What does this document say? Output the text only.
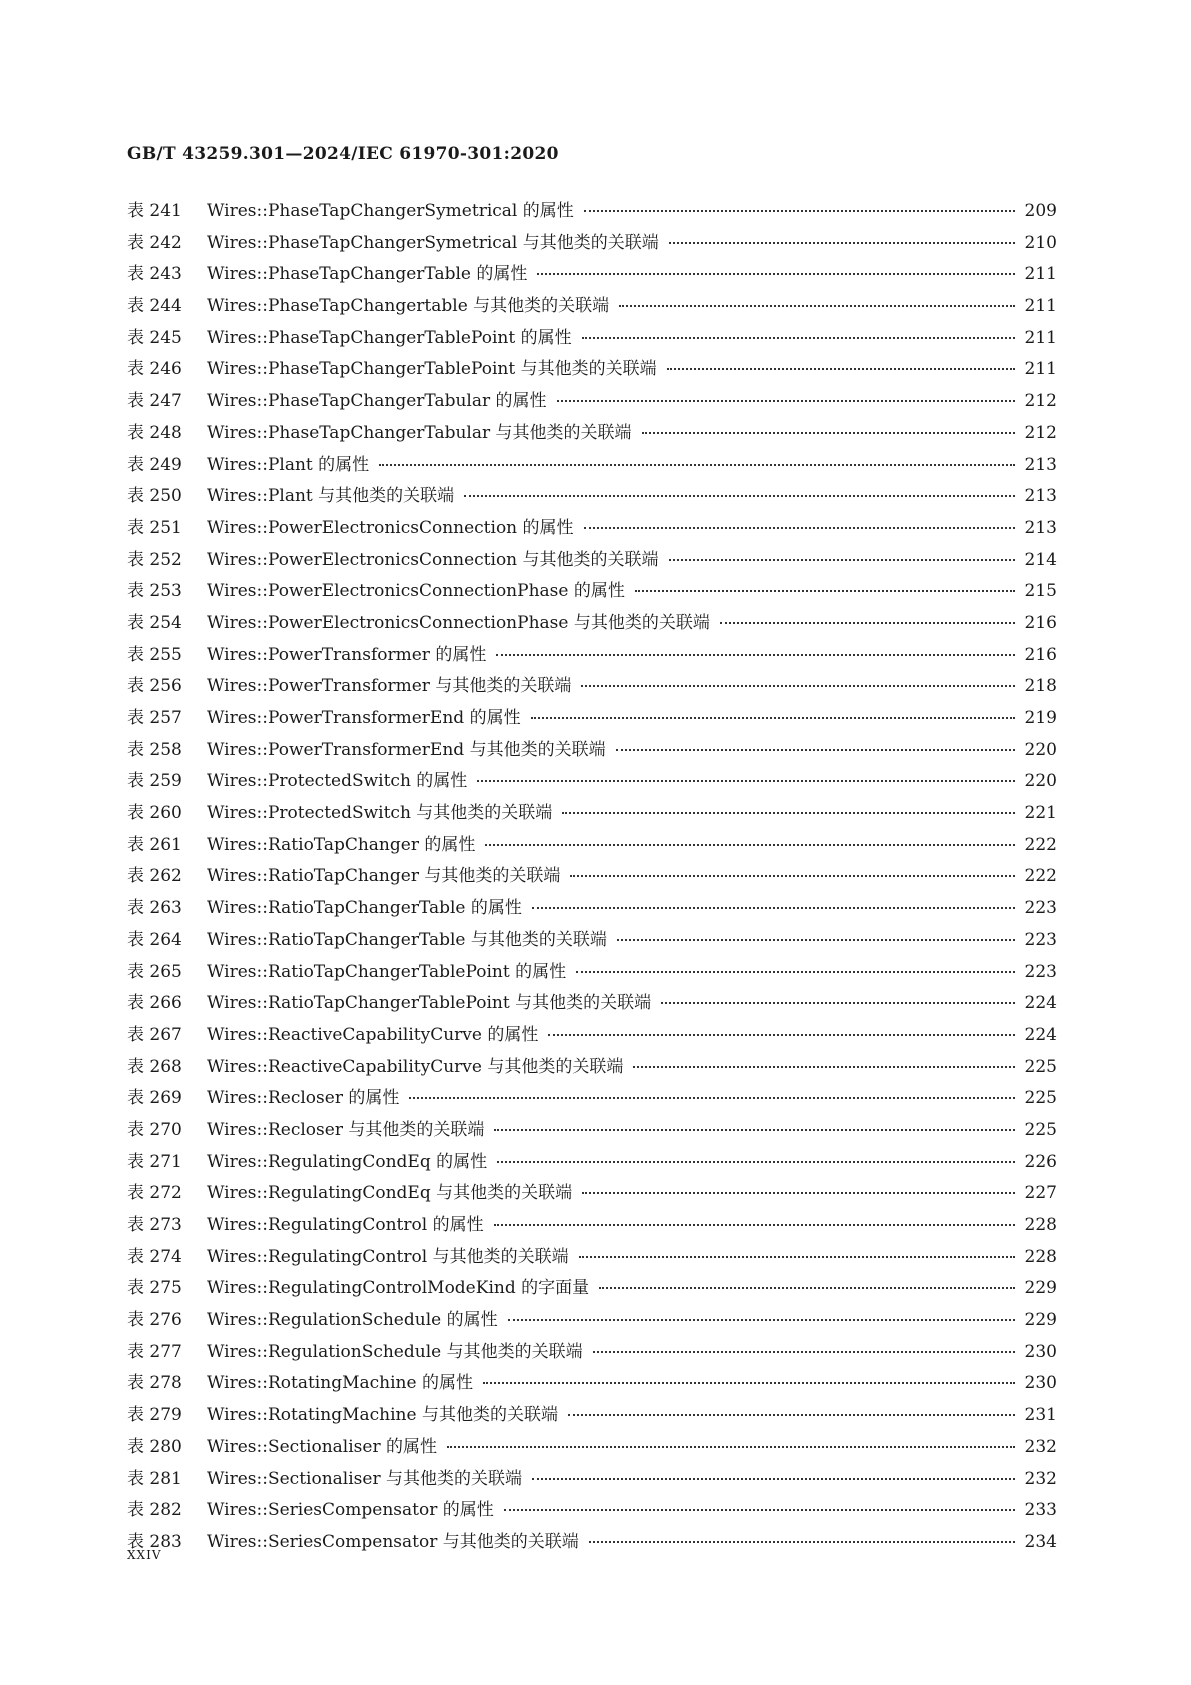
GB/T 43259.301—2024/IEC 61970-301:2020
表 241	Wires::PhaseTapChangerSymetrical 的属性	209
表 242	Wires::PhaseTapChangerSymetrical 与其他类的关联端	210
表 243	Wires::PhaseTapChangerTable 的属性	211
表 244	Wires::PhaseTapChangertable 与其他类的关联端	211
表 245	Wires::PhaseTapChangerTablePoint 的属性	211
表 246	Wires::PhaseTapChangerTablePoint 与其他类的关联端	211
表 247	Wires::PhaseTapChangerTabular 的属性	212
表 248	Wires::PhaseTapChangerTabular 与其他类的关联端	212
表 249	Wires::Plant 的属性	213
表 250	Wires::Plant 与其他类的关联端	213
表 251	Wires::PowerElectronicsConnection 的属性	213
表 252	Wires::PowerElectronicsConnection 与其他类的关联端	214
表 253	Wires::PowerElectronicsConnectionPhase 的属性	215
表 254	Wires::PowerElectronicsConnectionPhase 与其他类的关联端	216
表 255	Wires::PowerTransformer 的属性	216
表 256	Wires::PowerTransformer 与其他类的关联端	218
表 257	Wires::PowerTransformerEnd 的属性	219
表 258	Wires::PowerTransformerEnd 与其他类的关联端	220
表 259	Wires::ProtectedSwitch 的属性	220
表 260	Wires::ProtectedSwitch 与其他类的关联端	221
表 261	Wires::RatioTapChanger 的属性	222
表 262	Wires::RatioTapChanger 与其他类的关联端	222
表 263	Wires::RatioTapChangerTable 的属性	223
表 264	Wires::RatioTapChangerTable 与其他类的关联端	223
表 265	Wires::RatioTapChangerTablePoint 的属性	223
表 266	Wires::RatioTapChangerTablePoint 与其他类的关联端	224
表 267	Wires::ReactiveCapabilityCurve 的属性	224
表 268	Wires::ReactiveCapabilityCurve 与其他类的关联端	225
表 269	Wires::Recloser 的属性	225
表 270	Wires::Recloser 与其他类的关联端	225
表 271	Wires::RegulatingCondEq 的属性	226
表 272	Wires::RegulatingCondEq 与其他类的关联端	227
表 273	Wires::RegulatingControl 的属性	228
表 274	Wires::RegulatingControl 与其他类的关联端	228
表 275	Wires::RegulatingControlModeKind 的字面量	229
表 276	Wires::RegulationSchedule 的属性	229
表 277	Wires::RegulationSchedule 与其他类的关联端	230
表 278	Wires::RotatingMachine 的属性	230
表 279	Wires::RotatingMachine 与其他类的关联端	231
表 280	Wires::Sectionaliser 的属性	232
表 281	Wires::Sectionaliser 与其他类的关联端	232
表 282	Wires::SeriesCompensator 的属性	233
表 283	Wires::SeriesCompensator 与其他类的关联端	234
XXIV
